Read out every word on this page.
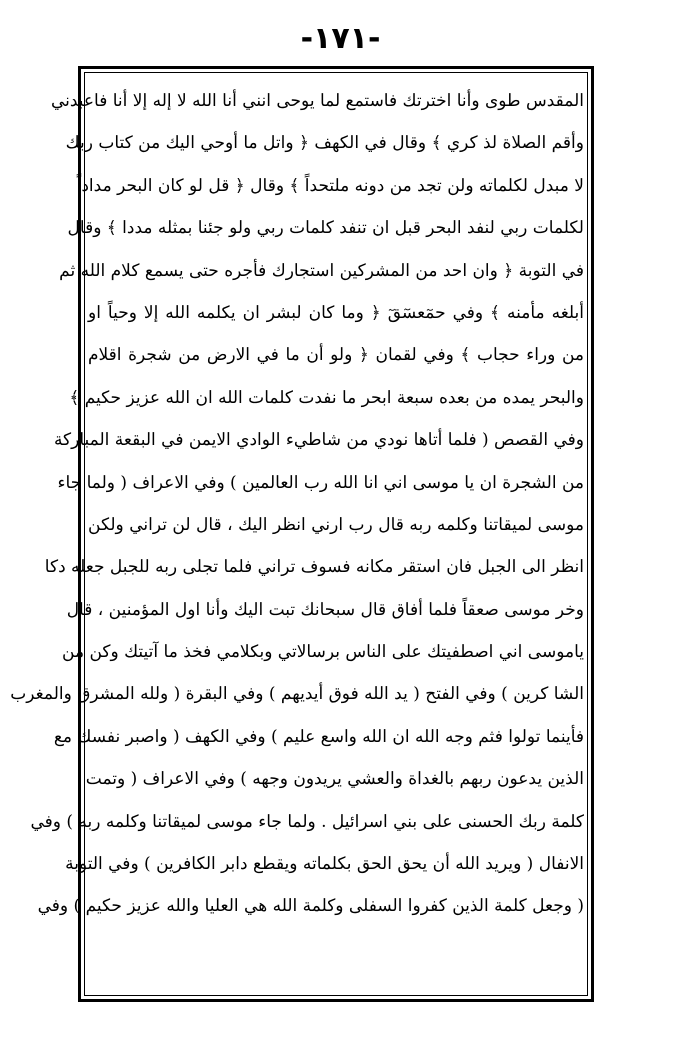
-١٧١-
المقدس طوى وأنا اخترتك فاستمع لما يوحى انني أنا الله لا إله إلا أنا فاعبدني
وأقم الصلاة لذ كري ﴾ وقال في الكهف ﴿ واتل ما أوحي اليك من كتاب ربك
لا مبدل لكلماته ولن تجد من دونه ملتحداً ﴾ وقال ﴿ قل لو كان البحر مداداً
لكلمات ربي لنفد البحر قبل ان تنفد كلمات ربي ولو جئنا بمثله مددا ﴾ وقال
في التوبة ﴿ وان احد من المشركين استجارك فأجره حتى يسمع كلام الله ثم
أبلغه مأمنه ﴾ وفي حمٓعسٓقٓ ﴿ وما كان لبشر ان يكلمه الله إلا وحياً او
من وراء حجاب ﴾ وفي لقمان ﴿ ولو أن ما في الارض من شجرة اقلام
والبحر يمده من بعده سبعة ابحر ما نفدت كلمات الله ان الله عزيز حكيم ﴾
وفي القصص ( فلما أتاها نودي من شاطيء الوادي الايمن في البقعة المباركة
من الشجرة ان يا موسى اني انا الله رب العالمين ) وفي الاعراف ( ولما جاء
موسى لميقاتنا وكلمه ربه قال رب ارني انظر اليك ، قال لن تراني ولكن
انظر الى الجبل فان استقر مكانه فسوف تراني فلما تجلى ربه للجبل جعله دكا
وخر موسى صعقاً فلما أفاق قال سبحانك تبت اليك وأنا اول المؤمنين ، قال
ياموسى اني اصطفيتك على الناس برسالاتي وبكلامي فخذ ما آتيتك وكن من
الشا كرين ) وفي الفتح ( يد الله فوق أيديهم ) وفي البقرة ( ولله المشرق والمغرب
فأينما تولوا فثم وجه الله ان الله واسع عليم ) وفي الكهف ( واصبر نفسك مع
الذين يدعون ربهم بالغداة والعشي يريدون وجهه ) وفي الاعراف ( وتمت
كلمة ربك الحسنى على بني اسرائيل . ولما جاء موسى لميقاتنا وكلمه ربه ) وفي
الانفال ( ويريد الله أن يحق الحق بكلماته ويقطع دابر الكافرين ) وفي التوبة
( وجعل كلمة الذين كفروا السفلى وكلمة الله هي العليا والله عزيز حكيم ) وفي
